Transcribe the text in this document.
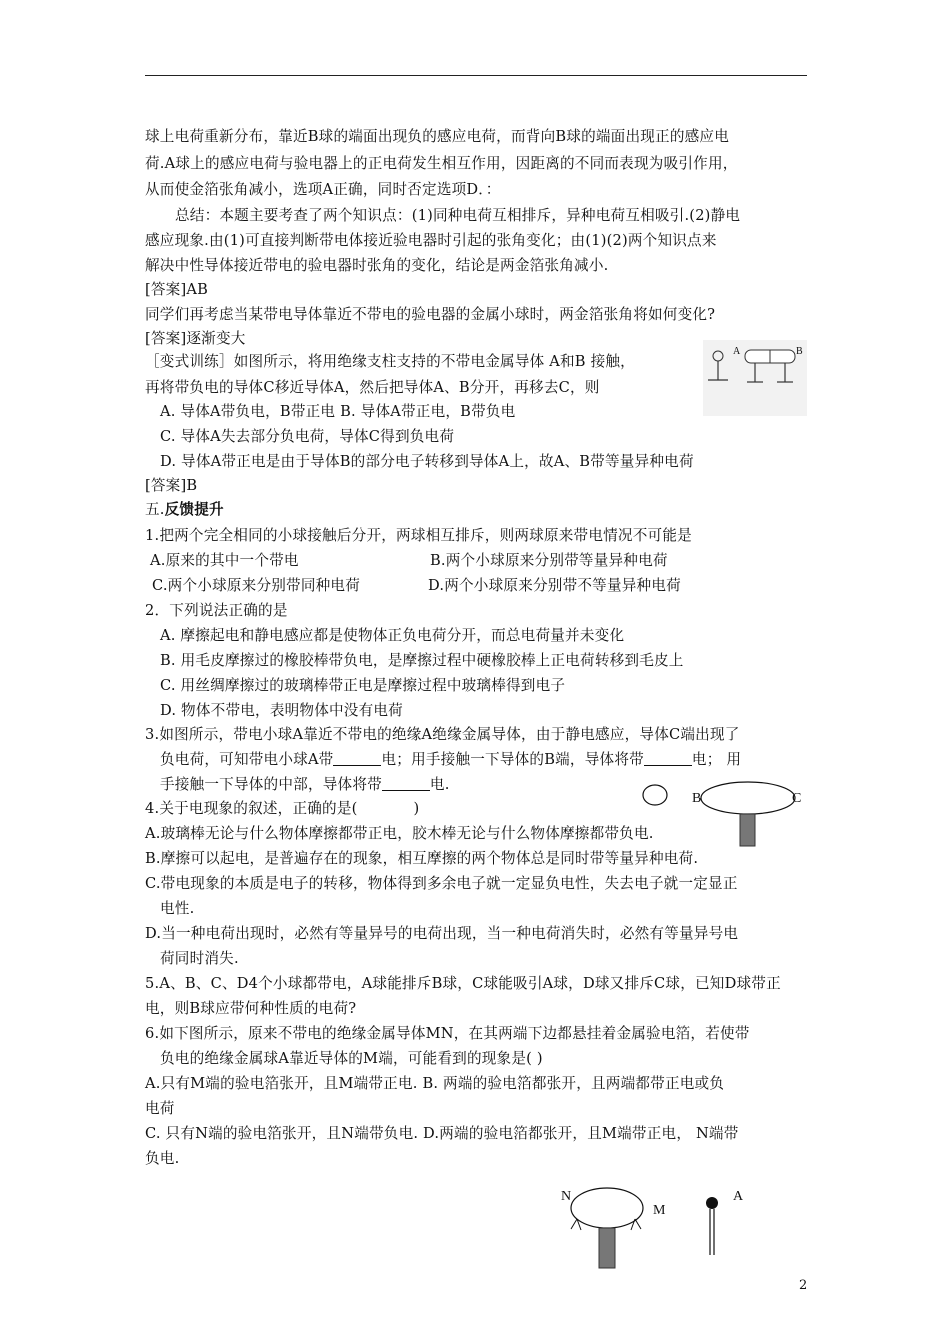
球上电荷重新分布，靠近B球的端面出现负的感应电荷，而背向B球的端面出现正的感应电
荷.A球上的感应电荷与验电器上的正电荷发生相互作用，因距离的不同而表现为吸引作用，
从而使金箔张角减小，选项A正确，同时否定选项D．：
总结：本题主要考查了两个知识点：(1)同种电荷互相排斥，异种电荷互相吸引.(2)静电
感应现象.由(1)可直接判断带电体接近验电器时引起的张角变化；由(1)(2)两个知识点来
解决中性导体接近带电的验电器时张角的变化，结论是两金箔张角减小.
[答案]AB
同学们再考虑当某带电导体靠近不带电的验电器的金属小球时，两金箔张角将如何变化?
[答案]逐渐变大
［变式训练］如图所示，将用绝缘支柱支持的不带电金属导体 A和B 接触，
再将带负电的导体C移近导体A，然后把导体A、B分开，再移去C，则
A. 导体A带负电，B带正电 B. 导体A带正电，B带负电
C. 导体A失去部分负电荷，导体C得到负电荷
D. 导体A带正电是由于导体B的部分电子转移到导体A上，故A、B带等量异种电荷
[答案]B
五.反馈提升
1.把两个完全相同的小球接触后分开，两球相互排斥，则两球原来带电情况不可能是
A.原来的其中一个带电	B.两个小球原来分别带等量异种电荷
C.两个小球原来分别带同种电荷	D.两个小球原来分别带不等量异种电荷
2．下列说法正确的是
A. 摩擦起电和静电感应都是使物体正负电荷分开，而总电荷量并未变化
B. 用毛皮摩擦过的橡胶棒带负电，是摩擦过程中硬橡胶棒上正电荷转移到毛皮上
C. 用丝绸摩擦过的玻璃棒带正电是摩擦过程中玻璃棒得到电子
D. 物体不带电，表明物体中没有电荷
3.如图所示，带电小球A靠近不带电的绝缘A绝缘金属导体，由于静电感应，导体C端出现了
负电荷，可知带电小球A带	电；用手接触一下导体的B端，导体将带	电； 用
手接触一下导体的中部，导体将带	电.
4.关于电现象的叙述，正确的是(	)
A.玻璃棒无论与什么物体摩擦都带正电，胶木棒无论与什么物体摩擦都带负电.
B.摩擦可以起电，是普遍存在的现象，相互摩擦的两个物体总是同时带等量异种电荷.
C.带电现象的本质是电子的转移，物体得到多余电子就一定显负电性，失去电子就一定显正
电性.
D.当一种电荷出现时，必然有等量异号的电荷出现，当一种电荷消失时，必然有等量异号电
荷同时消失.
5.A、B、C、D4个小球都带电，A球能排斥B球，C球能吸引A球，D球又排斥C球，已知D球带正
电，则B球应带何种性质的电荷?
6.如下图所示，原来不带电的绝缘金属导体MN，在其两端下边都悬挂着金属验电箔，若使带
负电的绝缘金属球A靠近导体的M端，可能看到的现象是( )
A.只有M端的验电箔张开，且M端带正电. B. 两端的验电箔都张开，且两端都带正电或负
电荷
C. 只有N端的验电箔张开，且N端带负电. D.两端的验电箔都张开，且M端带正电， N端带
负电.
A	B
B	C
N
M
A
2
